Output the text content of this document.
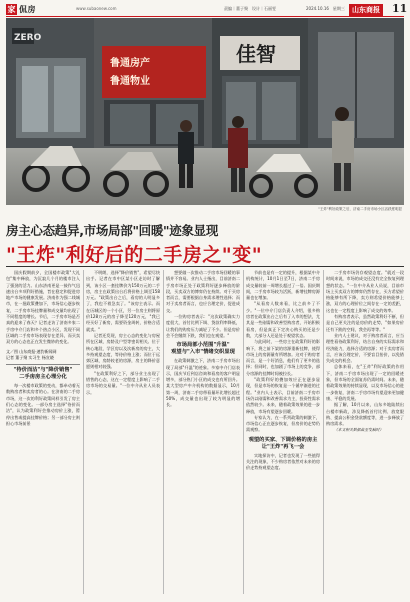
家 侃房	www.subaonew.com	责编｜董子聚　设计｜石丽雯	2024.10.16　星期三	山东商报 11
ZERO
鲁通房产
鲁通物业
佳智
"王炸"利好政策之后，济南二手房市场小区活跃度明显
房主心态趋异,市场局部"回暖"迹象显现
"王炸"利好后的二手房之"变"

国庆假期前夕，全国楼市政策"大礼包"集中释放，为沉寂几个月的楼市注入了强劲的活力。山东济南更是一鼓作气迅速出台多项利好措施，旨在稳定和促进房地产市场的健康发展。济南作为强二线城市，在一批政策叠加下，市场信心逐步恢复，二手房市场挂牌量和成交量均出现了不同程度的增长。节后，二手房市场是否真的迎来了春天？记者走访了济南多家二手房中介门店和多个热点小区，发现不同区域的二手房市场表现存在差异，而买卖双方的心态也正在发生微妙的变化。

文／图 山东商报·速豹新闻网
记者 董子聚 实习生 杨宣晓
"待价而沽"与"降价销售"
二手房房主心理分化

每一次楼市政策的变动，都牵动着无数购房者和卖房者的心。在济南的二手房市场，这一次的利好政策同样引发了房主们心态的变化。一部分房主选择"待价而沽"，认为政策利好会推动房价上涨，暂停出售或提高挂牌价格；另一部分房主则担心市场前景

不明朗，选择"降价销售"，希望尽快出手。记者在市中区某小区走访时了解到，该小区一套挂牌价为150万元的二手房，房主在政策出台后将价格上调至158万元。"政策出台之后，看房的人明显多了，我也不着急卖了。"该房主表示。而在历城区的一个小区，另一位房主则将原价128万元的房子降至120万元，"我已经买好了新房，需要资金周转，价格合适就卖。"

记者还发现，房主心态的变化与房屋所在区域、房龄及户型等密切相关。位于核心地段、学区房以及次新房的房主，大多持观望态度，等待价格上涨；而位于远郊区域、房龄较老的房源，房主的降价意愿则相对较强。

"在政策利好之下，部分业主出现了惜售的心态，这在一定程度上影响了二手房市场的交易量。"一位中介从业人员表示。

想要做一次推动二手房市场回暖的事情并不容易。业内人士指出，目前济南二手房市场正处于政策利好逐步释放的阶段，买卖双方的博弈仍在持续。对于买房者而言，需要根据自身需求理性选择；而对于卖房者而言，也应合理定价，促进成交。

一位购房者表示："这次政策确实力度很大，首付比例下调、贷款利率降低，让我们的购房压力减轻了不少。但是房价会不会继续下跌，我们也在观望。"

市场局部小范围"升温"
观望与"入市"情绪交织显现

在政策刺激之下，济南二手房市场出现了局部"升温"的迹象。多家中介门店表示，国庆节后到店咨询和看房的客户明显增多，部分热门小区的成交也有所回升。某大型房产中介机构的数据显示，10月第一周，济南二手房带看量环比增长超过50%，成交量也出现了较为明显的增长。

节前也是有一定的提升，根据某中介机构统计，10月1日至7日，济南二手房成交量较前一周增长超过了一倍。国庆期间，二手房市场较为活跃，新增挂牌房源量也在增加。

"从看房人数来看，比之前多了不少。"一位中介门店负责人介绍，很多购房者在政策出台之后有了入市的想法，尤其是一些刚需和改善型购房者，开始积极看房，但是真正下定决心购买的还是少数，大部分人还是处于观望状态。

与此同时，一些房主在政策利好的影响下，将之前下架的房源重新挂牌，使得市场上的房源量有所增加。这对于购房者而言，是一个好消息，他们有了更多的选择；但同时，也加剧了市场上的竞争，部分房源的挂牌时间被拉长。

"政策利好的叠加效应正在逐步显现，但是市场的恢复是一个循序渐进的过程。"业内人士表示，目前济南二手房市场仍以刚需和改善需求为主，投资性需求依然较少。未来，随着政策效果的进一步释放，市场有望逐步回暖。

专家认为，在一系列政策的刺激下，市场信心正在逐步恢复，但房价的走势仍需观察。

观望的买家、下调价格的房主
让"王炸"再飞一会

实地探访中，记者也发现了一些值得关注的现象，不少购房者依然对未来的房价走势持观望态度。

二手房市场仍存观望态度。"就近一段时间来说，市场的成交还没有完全恢复到理想的状态。"一位中介从业人员说，目前市场上买卖双方的博弈仍然存在，买方希望价格能够有所下降，卖方则希望价格能够上涨，双方的心理价位之间存在一定的差距，这也在一定程度上影响了成交的效率。

有购房者表示，虽然政策利好不断，但是自己更关注的是房价的走势，"如果房价还有下跌的空间，我会再等等。"

业内人士建议，对于购房者而言，应当理性看待政策利好，结合自身的实际需求和经济能力，选择合适的房源；对于卖房者而言，应该合理定价，不要盲目抬价，以免错失成交的机会。

总体来看，在"王炸"利好政策的作用下，济南二手房市场出现了一定的回暖迹象，但市场的全面复苏仍需时间。未来，随着政策效果的持续显现，以及市场信心的进一步恢复，济南二手房市场有望迎来更加健康、平稳的发展。

据了解，10月以来，山东多地陆续出台楼市新政，涉及降低首付比例、放宽限购、提高公积金贷款额度等，进一步释放了购房需求。

（本文相关数据截至发稿时）
